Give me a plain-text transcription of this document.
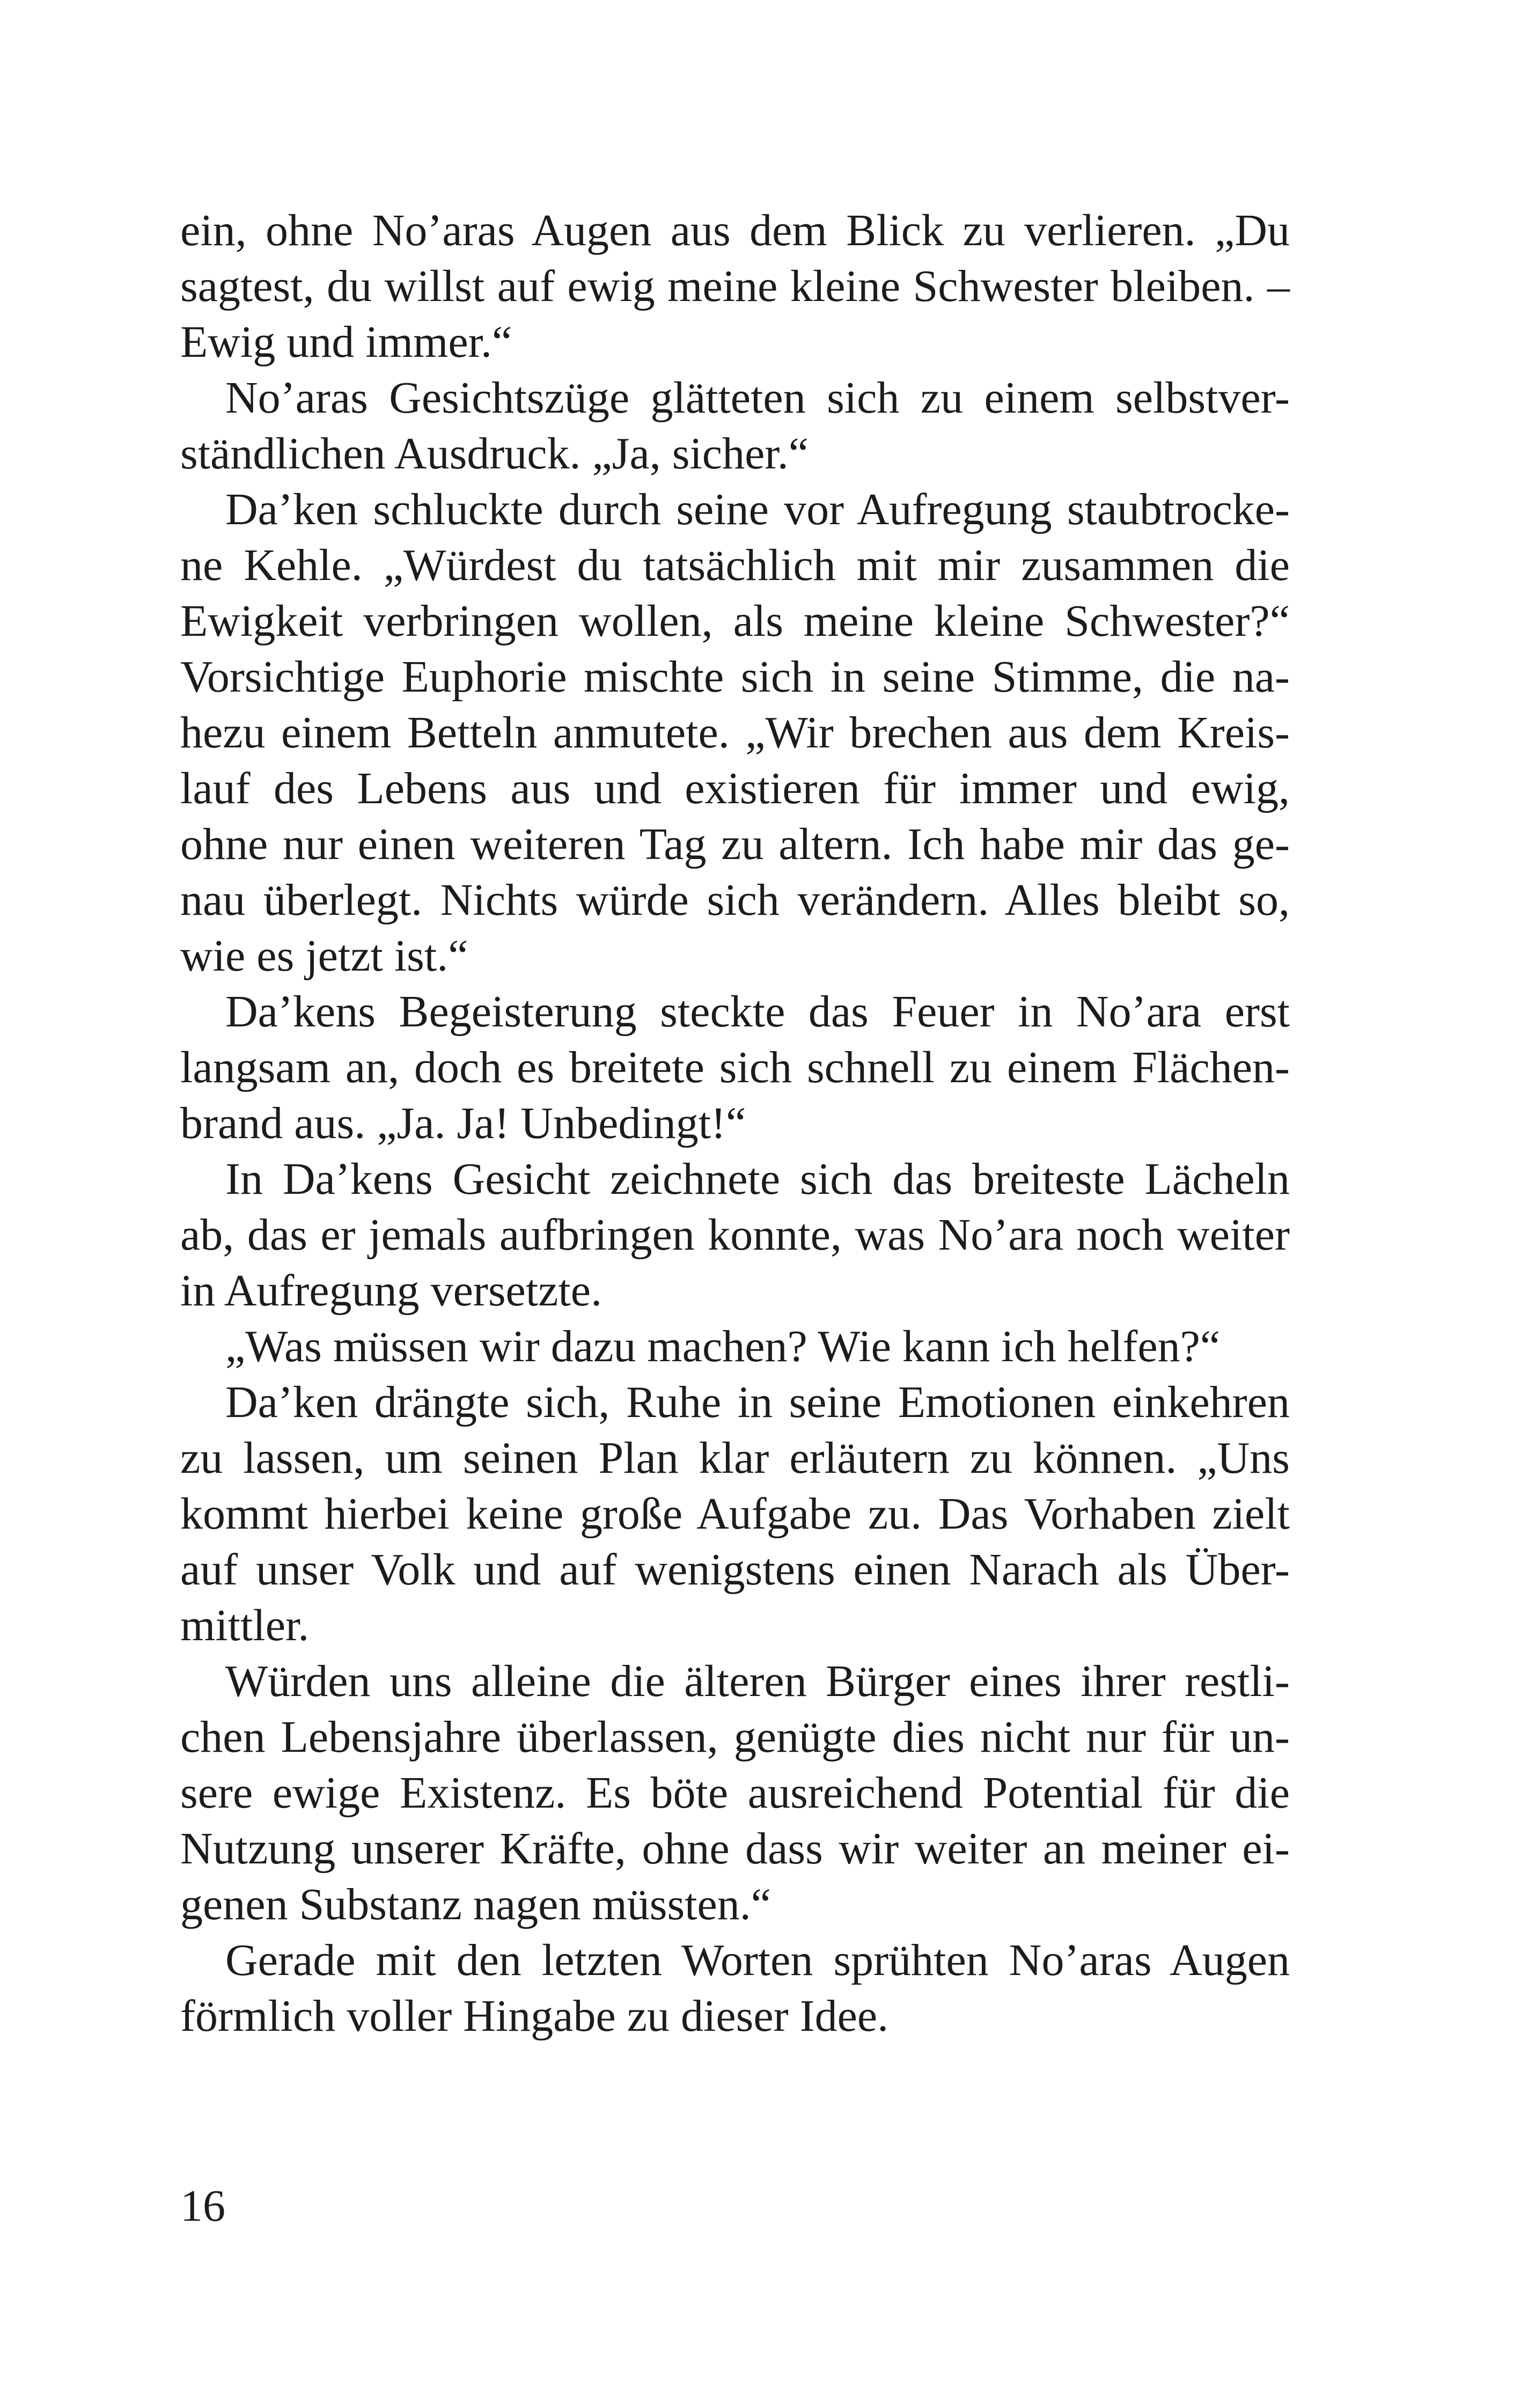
ein, ohne No’aras Augen aus dem Blick zu verlieren. „Du
sagtest, du willst auf ewig meine kleine Schwester bleiben. –
Ewig und immer.“
No’aras Gesichtszüge glätteten sich zu einem selbstver-
ständlichen Ausdruck. „Ja, sicher.“
Da’ken schluckte durch seine vor Aufregung staubtrocke-
ne Kehle. „Würdest du tatsächlich mit mir zusammen die
Ewigkeit verbringen wollen, als meine kleine Schwester?“
Vorsichtige Euphorie mischte sich in seine Stimme, die na-
hezu einem Betteln anmutete. „Wir brechen aus dem Kreis-
lauf des Lebens aus und existieren für immer und ewig,
ohne nur einen weiteren Tag zu altern. Ich habe mir das ge-
nau überlegt. Nichts würde sich verändern. Alles bleibt so,
wie es jetzt ist.“
Da’kens Begeisterung steckte das Feuer in No’ara erst
langsam an, doch es breitete sich schnell zu einem Flächen-
brand aus. „Ja. Ja! Unbedingt!“
In Da’kens Gesicht zeichnete sich das breiteste Lächeln
ab, das er jemals aufbringen konnte, was No’ara noch weiter
in Aufregung versetzte.
„Was müssen wir dazu machen? Wie kann ich helfen?“
Da’ken drängte sich, Ruhe in seine Emotionen einkehren
zu lassen, um seinen Plan klar erläutern zu können. „Uns
kommt hierbei keine große Aufgabe zu. Das Vorhaben zielt
auf unser Volk und auf wenigstens einen Narach als Über-
mittler.
Würden uns alleine die älteren Bürger eines ihrer restli-
chen Lebensjahre überlassen, genügte dies nicht nur für un-
sere ewige Existenz. Es böte ausreichend Potential für die
Nutzung unserer Kräfte, ohne dass wir weiter an meiner ei-
genen Substanz nagen müssten.“
Gerade mit den letzten Worten sprühten No’aras Augen
förmlich voller Hingabe zu dieser Idee.
16
